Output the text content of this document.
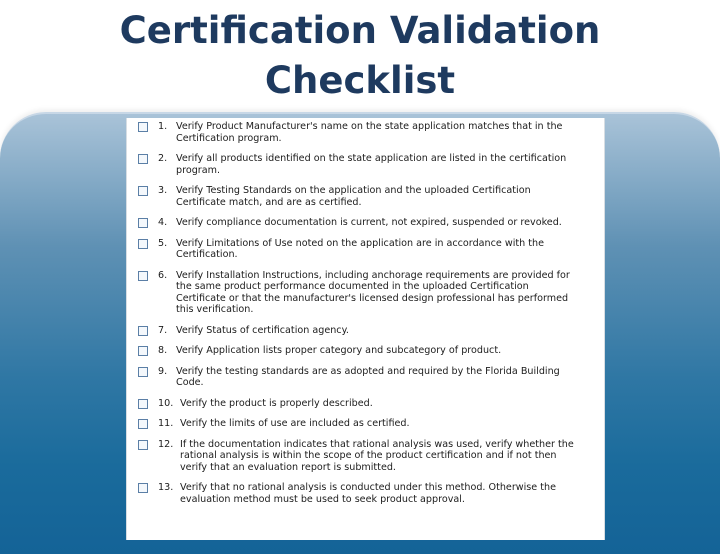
Certification Validation
Checklist
1. Verify Product Manufacturer's name on the state application matches that in the Certification program.
2. Verify all products identified on the state application are listed in the certification program.
3. Verify Testing Standards on the application and the uploaded Certification Certificate match, and are as certified.
4. Verify compliance documentation is current, not expired, suspended or revoked.
5. Verify Limitations of Use noted on the application are in accordance with the Certification.
6. Verify Installation Instructions, including anchorage requirements are provided for the same product performance documented in the uploaded Certification Certificate or that the manufacturer's licensed design professional has performed this verification.
7. Verify Status of certification agency.
8. Verify Application lists proper category and subcategory of product.
9. Verify the testing standards are as adopted and required by the Florida Building Code.
10. Verify the product is properly described.
11. Verify the limits of use are included as certified.
12. If the documentation indicates that rational analysis was used, verify whether the rational analysis is within the scope of the product certification and if not then verify that an evaluation report is submitted.
13. Verify that no rational analysis is conducted under this method. Otherwise the evaluation method must be used to seek product approval.
